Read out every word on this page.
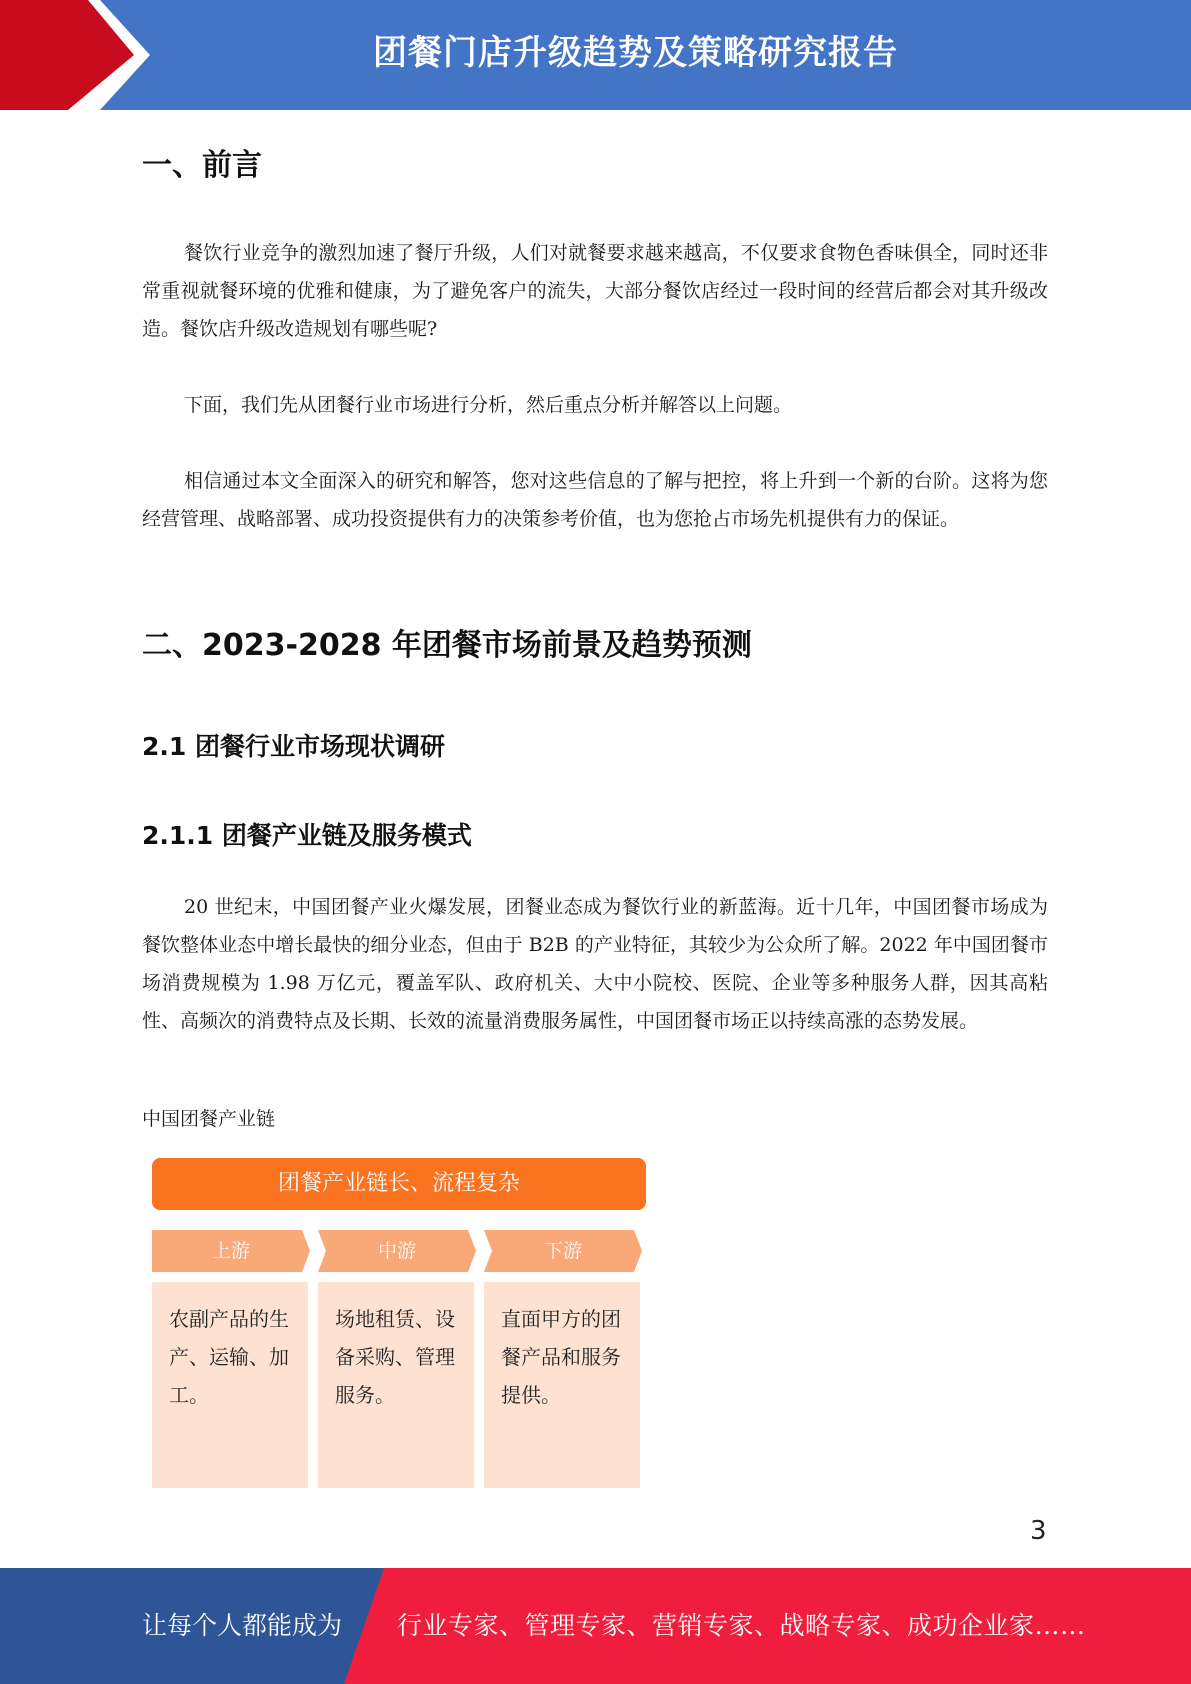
团餐门店升级趋势及策略研究报告
一、前言

餐饮行业竞争的激烈加速了餐厅升级，人们对就餐要求越来越高，不仅要求食物色香味俱全，同时还非常重视就餐环境的优雅和健康，为了避免客户的流失，大部分餐饮店经过一段时间的经营后都会对其升级改造。餐饮店升级改造规划有哪些呢?

下面，我们先从团餐行业市场进行分析，然后重点分析并解答以上问题。

相信通过本文全面深入的研究和解答，您对这些信息的了解与把控，将上升到一个新的台阶。这将为您经营管理、战略部署、成功投资提供有力的决策参考价值，也为您抢占市场先机提供有力的保证。

二、2023-2028 年团餐市场前景及趋势预测
2.1 团餐行业市场现状调研
2.1.1 团餐产业链及服务模式

20 世纪末，中国团餐产业火爆发展，团餐业态成为餐饮行业的新蓝海。近十几年，中国团餐市场成为餐饮整体业态中增长最快的细分业态，但由于 B2B 的产业特征，其较少为公众所了解。2022 年中国团餐市场消费规模为 1.98 万亿元，覆盖军队、政府机关、大中小院校、医院、企业等多种服务人群，因其高粘性、高频次的消费特点及长期、长效的流量消费服务属性，中国团餐市场正以持续高涨的态势发展。

中国团餐产业链
团餐产业链长、流程复杂
上游
农副产品的生
产、运输、加
工。
中游
场地租赁、设
备采购、管理
服务。
下游
直面甲方的团
餐产品和服务
提供。
3
让每个人都能成为 行业专家、管理专家、营销专家、战略专家、成功企业家……
